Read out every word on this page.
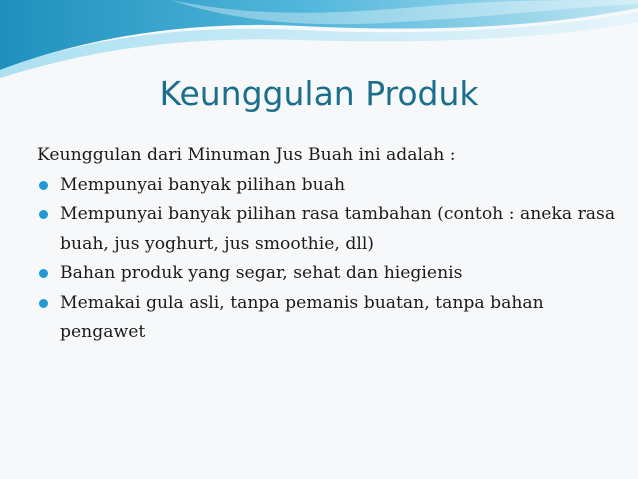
Keunggulan Produk

Keunggulan dari Minuman Jus Buah ini adalah :

Mempunyai banyak pilihan buah
Mempunyai banyak pilihan rasa tambahan (contoh : aneka rasa buah, jus yoghurt, jus smoothie, dll)
Bahan produk yang segar, sehat dan hiegienis
Memakai gula asli, tanpa pemanis buatan, tanpa bahan pengawet
